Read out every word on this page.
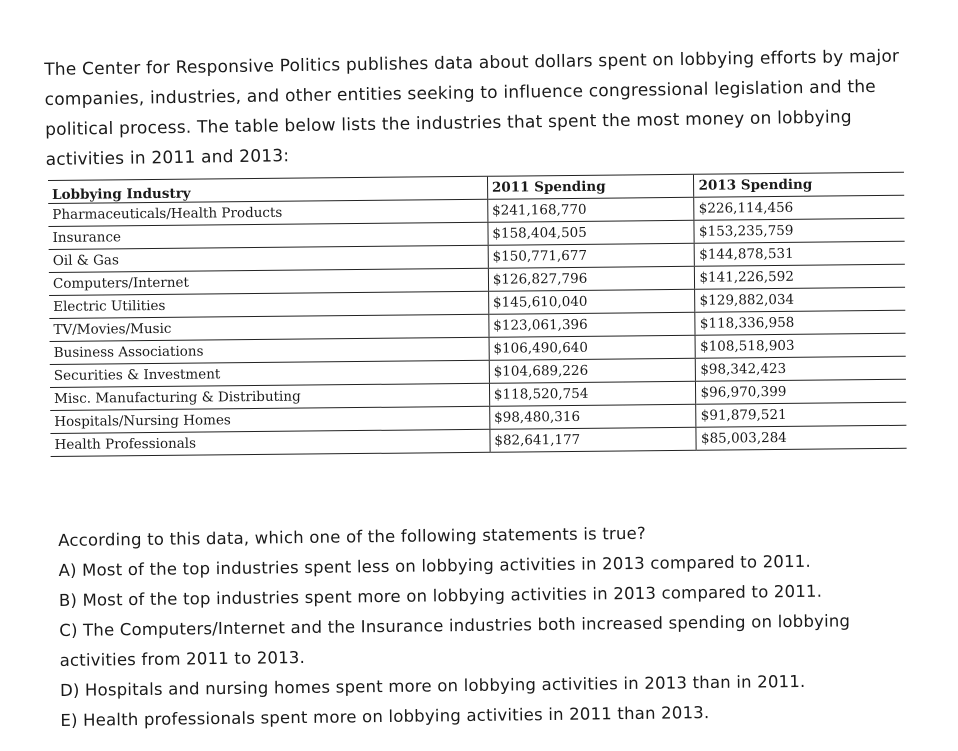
The Center for Responsive Politics publishes data about dollars spent on lobbying efforts by major companies, industries, and other entities seeking to influence congressional legislation and the political process. The table below lists the industries that spent the most money on lobbying activities in 2011 and 2013:

Lobbying Industry	2011 Spending	2013 Spending
Pharmaceuticals/Health Products	$241,168,770	$226,114,456
Insurance	$158,404,505	$153,235,759
Oil & Gas	$150,771,677	$144,878,531
Computers/Internet	$126,827,796	$141,226,592
Electric Utilities	$145,610,040	$129,882,034
TV/Movies/Music	$123,061,396	$118,336,958
Business Associations	$106,490,640	$108,518,903
Securities & Investment	$104,689,226	$98,342,423
Misc. Manufacturing & Distributing	$118,520,754	$96,970,399
Hospitals/Nursing Homes	$98,480,316	$91,879,521
Health Professionals	$82,641,177	$85,003,284
According to this data, which one of the following statements is true?
A) Most of the top industries spent less on lobbying activities in 2013 compared to 2011.
B) Most of the top industries spent more on lobbying activities in 2013 compared to 2011.
C) The Computers/Internet and the Insurance industries both increased spending on lobbying activities from 2011 to 2013.
D) Hospitals and nursing homes spent more on lobbying activities in 2013 than in 2011.
E) Health professionals spent more on lobbying activities in 2011 than 2013.
